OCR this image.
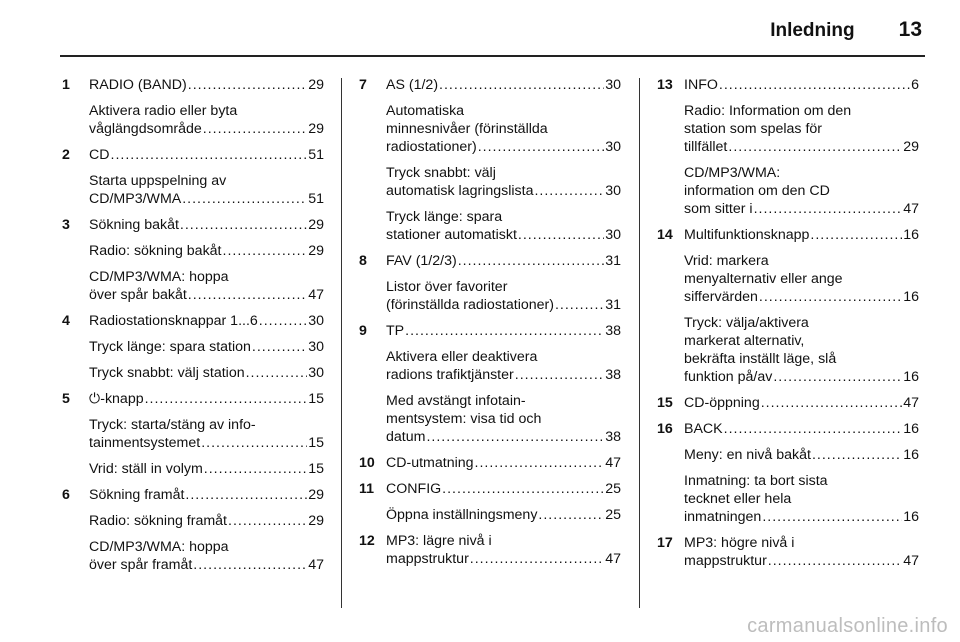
Inledning 13
1	RADIO (BAND) .....	29
Aktivera radio eller byta
våglängdsområde .....	29
2	CD .....	51
Starta uppspelning av
CD/MP3/WMA .....	51
3	Sökning bakåt .....	29
Radio: sökning bakåt .....	29
CD/MP3/WMA: hoppa
över spår bakåt .....	47
4	Radiostationsknappar 1...6 .....	30
Tryck länge: spara station .....	30
Tryck snabbt: välj station .....	30
5	⏻-knapp .....	15
Tryck: starta/stäng av info-
tainmentsystemet .....	15
Vrid: ställ in volym .....	15
6	Sökning framåt .....	29
Radio: sökning framåt .....	29
CD/MP3/WMA: hoppa
över spår framåt .....	47
7	AS (1/2) .....	30
Automatiska
minnesnivåer (förinställda
radiostationer) .....	30
Tryck snabbt: välj
automatisk lagringslista .....	30
Tryck länge: spara
stationer automatiskt .....	30
8	FAV (1/2/3) .....	31
Listor över favoriter
(förinställda radiostationer) .....	31
9	TP .....	38
Aktivera eller deaktivera
radions trafiktjänster .....	38
Med avstängt infotain-
mentsystem: visa tid och
datum .....	38
10 CD-utmatning .....	47
11 CONFIG .....	25
Öppna inställningsmeny .....	25
12 MP3: lägre nivå i
mappstruktur .....	47
13 INFO .....	6
Radio: Information om den
station som spelas för
tillfället .....	29
CD/MP3/WMA:
information om den CD
som sitter i .....	47
14 Multifunktionsknapp .....	16
Vrid: markera
menyalternativ eller ange
siffervärden .....	16
Tryck: välja/aktivera
markerat alternativ,
bekräfta inställt läge, slå
funktion på/av .....	16
15 CD-öppning .....	47
16 BACK .....	16
Meny: en nivå bakåt .....	16
Inmatning: ta bort sista
tecknet eller hela
inmatningen .....	16
17 MP3: högre nivå i
mappstruktur .....	47
carmanualsonline.info
